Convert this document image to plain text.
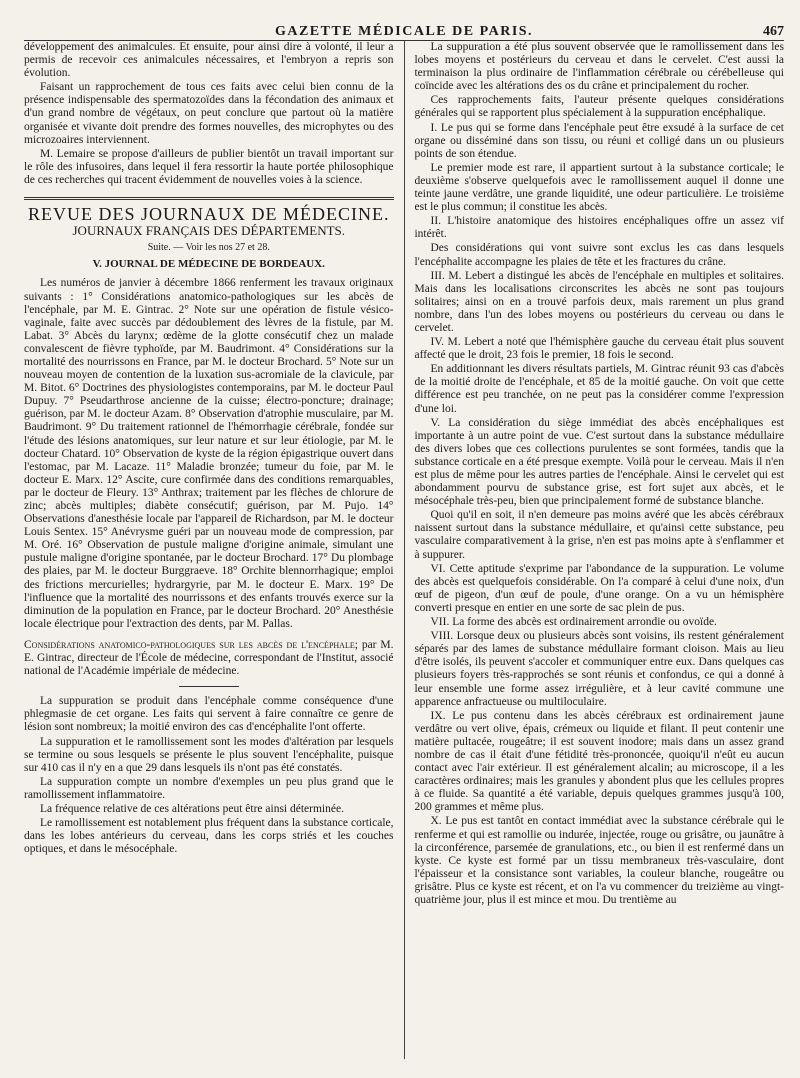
GAZETTE MÉDICALE DE PARIS.	467

développement des animalcules. Et ensuite, pour ainsi dire à volonté, il leur a permis de recevoir ces animalcules nécessaires, et l'embryon a repris son évolution.

Faisant un rapprochement de tous ces faits avec celui bien connu de la présence indispensable des spermatozoïdes dans la fécondation des animaux et d'un grand nombre de végétaux, on peut conclure que partout où la matière organisée et vivante doit prendre des formes nouvelles, des microphytes ou des microzoaires interviennent.

M. Lemaire se propose d'ailleurs de publier bientôt un travail important sur le rôle des infusoires, dans lequel il fera ressortir la haute portée philosophique de ces recherches qui tracent évidemment de nouvelles voies à la science.

REVUE DES JOURNAUX DE MÉDECINE.
JOURNAUX FRANÇAIS DES DÉPARTEMENTS.
Suite. — Voir les nos 27 et 28.
V. JOURNAL DE MÉDECINE DE BORDEAUX.

Les numéros de janvier à décembre 1866 renferment les travaux originaux suivants : 1° Considérations anatomico-pathologiques sur les abcès de l'encéphale, par M. E. Gintrac. 2° Note sur une opération de fistule vésico-vaginale, faite avec succès par dédoublement des lèvres de la fistule, par M. Labat. 3° Abcès du larynx; œdème de la glotte consécutif chez un malade convalescent de fièvre typhoïde, par M. Baudrimont. 4° Considérations sur la mortalité des nourrissons en France, par M. le docteur Brochard. 5° Note sur un nouveau moyen de contention de la luxation sus-acromiale de la clavicule, par M. Bitot. 6° Doctrines des physiologistes contemporains, par M. le docteur Paul Dupuy. 7° Pseudarthrose ancienne de la cuisse; électro-poncture; drainage; guérison, par M. le docteur Azam. 8° Observation d'atrophie musculaire, par M. Baudrimont. 9° Du traitement rationnel de l'hémorrhagie cérébrale, fondée sur l'étude des lésions anatomiques, sur leur nature et sur leur étiologie, par M. le docteur Chatard. 10° Observation de kyste de la région épigastrique ouvert dans l'estomac, par M. Lacaze. 11° Maladie bronzée; tumeur du foie, par M. le docteur E. Marx. 12° Ascite, cure confirmée dans des conditions remarquables, par le docteur de Fleury. 13° Anthrax; traitement par les flèches de chlorure de zinc; abcès multiples; diabète consécutif; guérison, par M. Pujo. 14° Observations d'anesthésie locale par l'appareil de Richardson, par M. le docteur Louis Sentex. 15° Anévrysme guéri par un nouveau mode de compression, par M. Oré. 16° Observation de pustule maligne d'origine animale, simulant une pustule maligne d'origine spontanée, par le docteur Brochard. 17° Du plombage des plaies, par M. le docteur Burggraeve. 18° Orchite blennorrhagique; emploi des frictions mercurielles; hydrargyrie, par M. le docteur E. Marx. 19° De l'influence que la mortalité des nourrissons et des enfants trouvés exerce sur la diminution de la population en France, par le docteur Brochard. 20° Anesthésie locale électrique pour l'extraction des dents, par M. Pallas.

Considérations anatomico-pathologiques sur les abcès de l'encéphale; par M. E. Gintrac, directeur de l'École de médecine, correspondant de l'Institut, associé national de l'Académie impériale de médecine.

La suppuration se produit dans l'encéphale comme conséquence d'une phlegmasie de cet organe. Les faits qui servent à faire connaître ce genre de lésion sont nombreux; la moitié environ des cas d'encéphalite l'ont offerte.

La suppuration et le ramollissement sont les modes d'altération par lesquels se termine ou sous lesquels se présente le plus souvent l'encéphalite, puisque sur 410 cas il n'y en a que 29 dans lesquels ils n'ont pas été constatés.

La suppuration compte un nombre d'exemples un peu plus grand que le ramollissement inflammatoire.

La fréquence relative de ces altérations peut être ainsi déterminée.

Le ramollissement est notablement plus fréquent dans la substance corticale, dans les lobes antérieurs du cerveau, dans les corps striés et les couches optiques, et dans le mésocéphale.

La suppuration a été plus souvent observée que le ramollissement dans les lobes moyens et postérieurs du cerveau et dans le cervelet. C'est aussi la terminaison la plus ordinaire de l'inflammation cérébrale ou cérébelleuse qui coïncide avec les altérations des os du crâne et principalement du rocher.

Ces rapprochements faits, l'auteur présente quelques considérations générales qui se rapportent plus spécialement à la suppuration encéphalique.

I. Le pus qui se forme dans l'encéphale peut être exsudé à la surface de cet organe ou disséminé dans son tissu, ou réuni et colligé dans un ou plusieurs points de son étendue.

Le premier mode est rare, il appartient surtout à la substance corticale; le deuxième s'observe quelquefois avec le ramollissement auquel il donne une teinte jaune verdâtre, une grande liquidité, une odeur particulière. Le troisième est le plus commun; il constitue les abcès.

II. L'histoire anatomique des histoires encéphaliques offre un assez vif intérêt.

Des considérations qui vont suivre sont exclus les cas dans lesquels l'encéphalite accompagne les plaies de tête et les fractures du crâne.

III. M. Lebert a distingué les abcès de l'encéphale en multiples et solitaires. Mais dans les localisations circonscrites les abcès ne sont pas toujours solitaires; ainsi on en a trouvé parfois deux, mais rarement un plus grand nombre, dans l'un des lobes moyens ou postérieurs du cerveau ou dans le cervelet.

IV. M. Lebert a noté que l'hémisphère gauche du cerveau était plus souvent affecté que le droit, 23 fois le premier, 18 fois le second.

En additionnant les divers résultats partiels, M. Gintrac réunit 93 cas d'abcès de la moitié droite de l'encéphale, et 85 de la moitié gauche. On voit que cette différence est peu tranchée, on ne peut pas la considérer comme l'expression d'une loi.

V. La considération du siège immédiat des abcès encéphaliques est importante à un autre point de vue. C'est surtout dans la substance médullaire des divers lobes que ces collections purulentes se sont formées, tandis que la substance corticale en a été presque exempte. Voilà pour le cerveau. Mais il n'en est plus de même pour les autres parties de l'encéphale. Ainsi le cervelet qui est abondamment pourvu de substance grise, est fort sujet aux abcès, et le mésocéphale très-peu, bien que principalement formé de substance blanche.

Quoi qu'il en soit, il n'en demeure pas moins avéré que les abcès cérébraux naissent surtout dans la substance médullaire, et qu'ainsi cette substance, peu vasculaire comparativement à la grise, n'en est pas moins apte à s'enflammer et à suppurer.

VI. Cette aptitude s'exprime par l'abondance de la suppuration. Le volume des abcès est quelquefois considérable. On l'a comparé à celui d'une noix, d'un œuf de pigeon, d'un œuf de poule, d'une orange. On a vu un hémisphère converti presque en entier en une sorte de sac plein de pus.

VII. La forme des abcès est ordinairement arrondie ou ovoïde.

VIII. Lorsque deux ou plusieurs abcès sont voisins, ils restent généralement séparés par des lames de substance médullaire formant cloison. Mais au lieu d'être isolés, ils peuvent s'accoler et communiquer entre eux. Dans quelques cas plusieurs foyers très-rapprochés se sont réunis et confondus, ce qui a donné à leur ensemble une forme assez irrégulière, et à leur cavité commune une apparence anfractueuse ou multiloculaire.

IX. Le pus contenu dans les abcès cérébraux est ordinairement jaune verdâtre ou vert olive, épais, crémeux ou liquide et filant. Il peut contenir une matière pultacée, rougeâtre; il est souvent inodore; mais dans un assez grand nombre de cas il était d'une fétidité très-prononcée, quoiqu'il n'eût eu aucun contact avec l'air extérieur. Il est généralement alcalin; au microscope, il a les caractères ordinaires; mais les granules y abondent plus que les cellules propres à ce fluide. Sa quantité a été variable, depuis quelques grammes jusqu'à 100, 200 grammes et même plus.

X. Le pus est tantôt en contact immédiat avec la substance cérébrale qui le renferme et qui est ramollie ou indurée, injectée, rouge ou grisâtre, ou jaunâtre à la circonférence, parsemée de granulations, etc., ou bien il est renfermé dans un kyste. Ce kyste est formé par un tissu membraneux très-vasculaire, dont l'épaisseur et la consistance sont variables, la couleur blanche, rougeâtre ou grisâtre. Plus ce kyste est récent, et on l'a vu commencer du treizième au vingt-quatrième jour, plus il est mince et mou. Du trentième au
